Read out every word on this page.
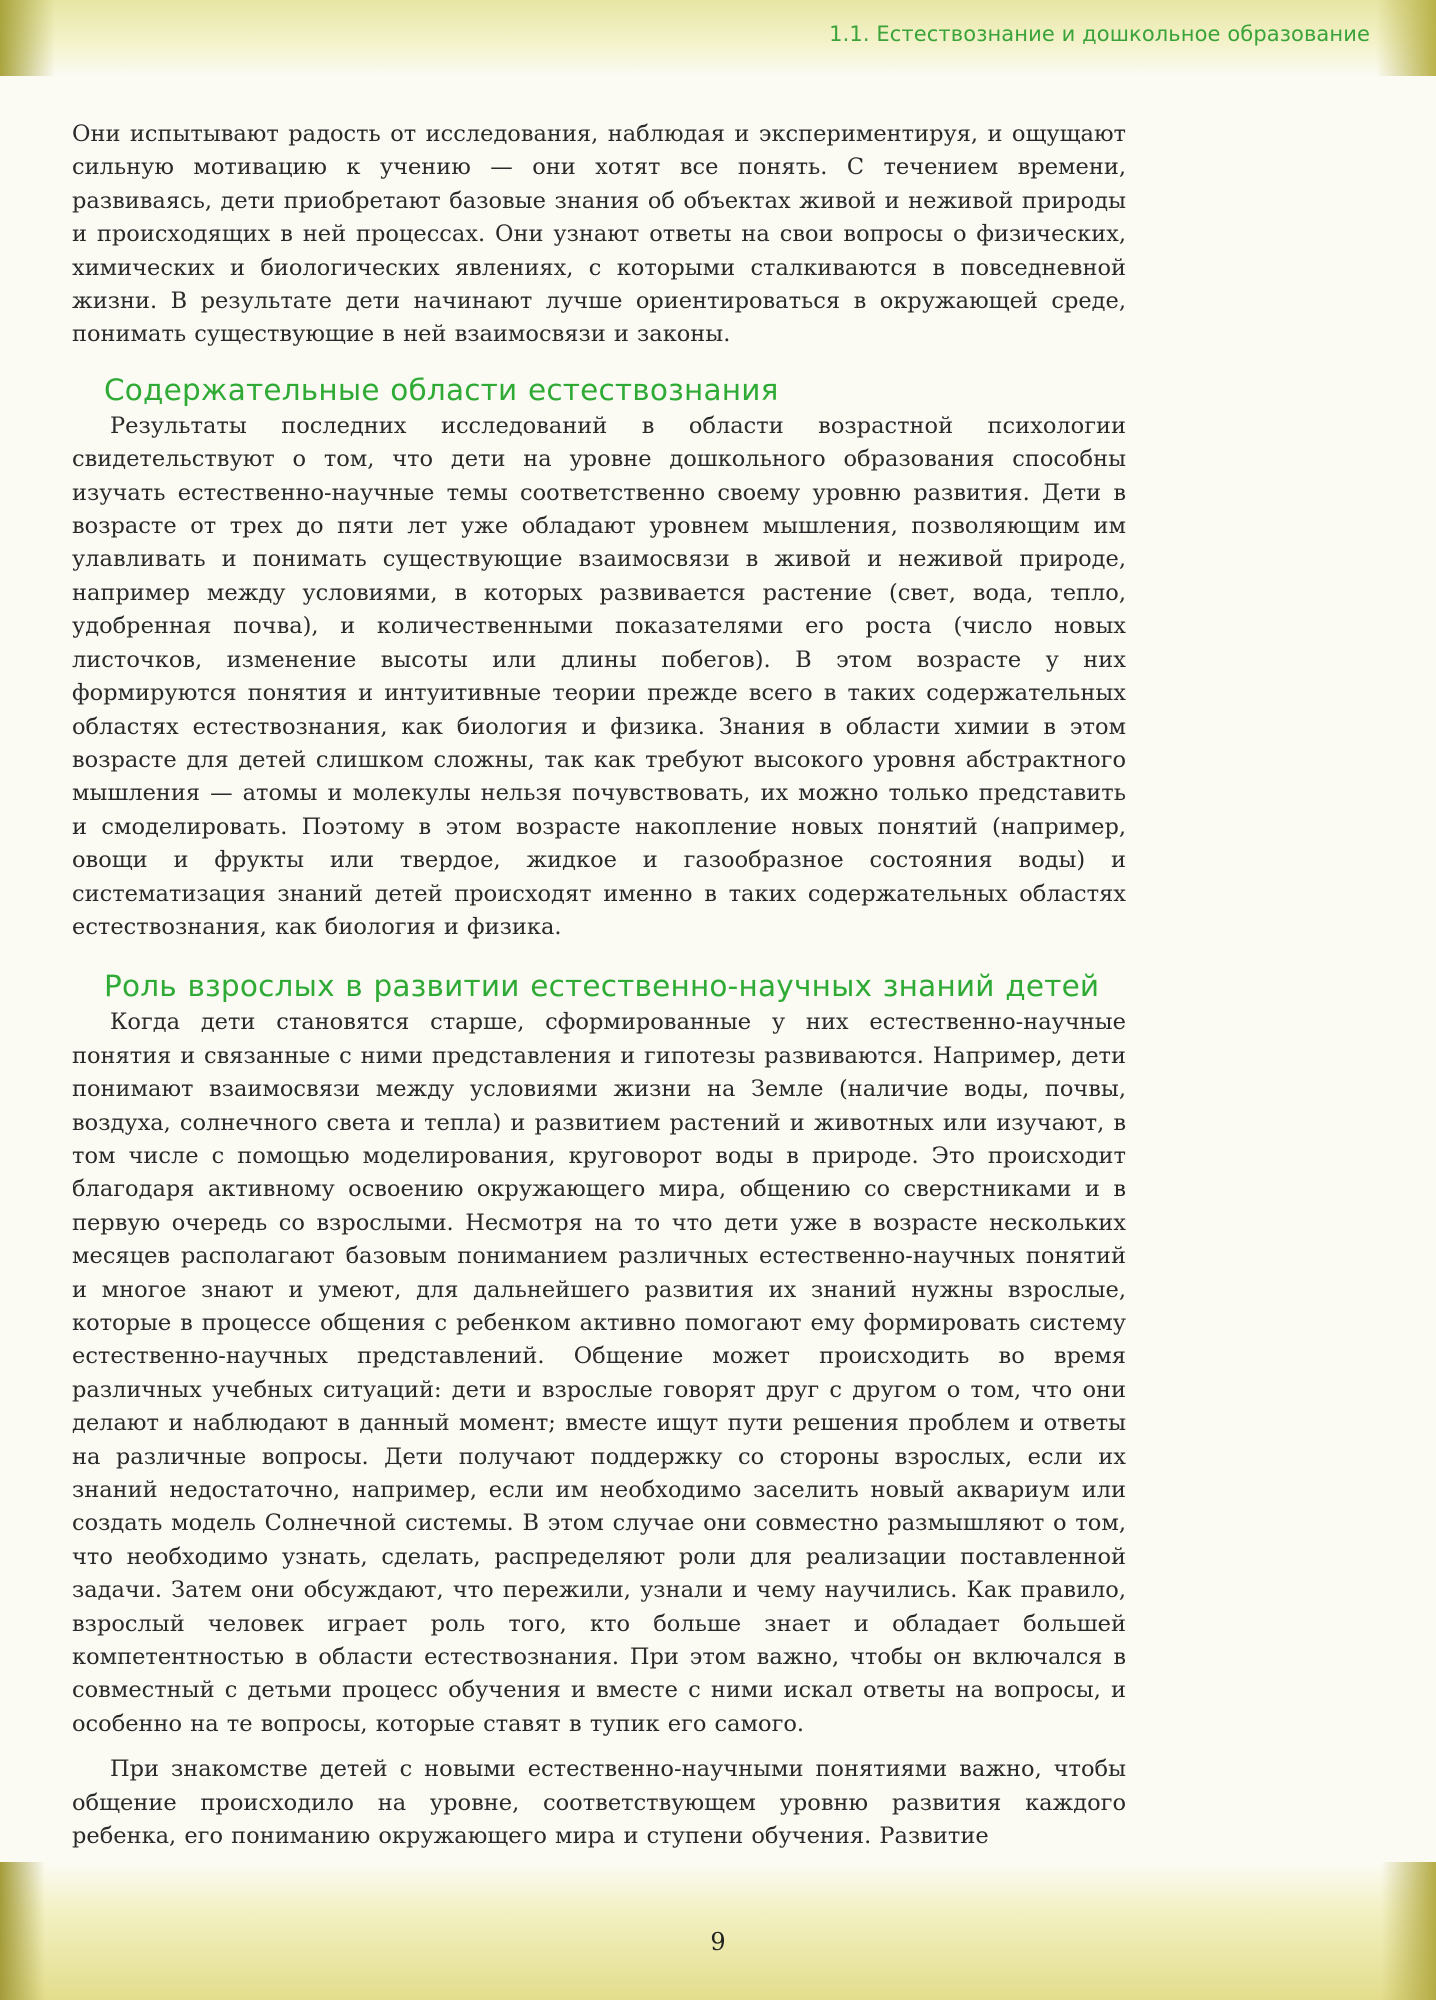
1.1. Естествознание и дошкольное образование

Они испытывают радость от исследования, наблюдая и экспериментируя, и ощущают сильную мотивацию к учению — они хотят все понять. С течением времени, развиваясь, дети приобретают базовые знания об объектах живой и неживой природы и происходящих в ней процессах. Они узнают ответы на свои вопросы о физических, химических и биологических явлениях, с которыми сталкиваются в повседневной жизни. В результате дети начинают лучше ориентироваться в окружающей среде, понимать существующие в ней взаимосвязи и законы.

Содержательные области естествознания

Результаты последних исследований в области возрастной психологии свидетельствуют о том, что дети на уровне дошкольного образования способны изучать естественно-научные темы соответственно своему уровню развития. Дети в возрасте от трех до пяти лет уже обладают уровнем мышления, позволяющим им улавливать и понимать существующие взаимосвязи в живой и неживой природе, например между условиями, в которых развивается растение (свет, вода, тепло, удобренная почва), и количественными показателями его роста (число новых листочков, изменение высоты или длины побегов). В этом возрасте у них формируются понятия и интуитивные теории прежде всего в таких содержательных областях естествознания, как биология и физика. Знания в области химии в этом возрасте для детей слишком сложны, так как требуют высокого уровня абстрактного мышления — атомы и молекулы нельзя почувствовать, их можно только представить и смоделировать. Поэтому в этом возрасте накопление новых понятий (например, овощи и фрукты или твердое, жидкое и газообразное состояния воды) и систематизация знаний детей происходят именно в таких содержательных областях естествознания, как биология и физика.

Роль взрослых в развитии естественно-научных знаний детей

Когда дети становятся старше, сформированные у них естественно-научные понятия и связанные с ними представления и гипотезы развиваются. Например, дети понимают взаимосвязи между условиями жизни на Земле (наличие воды, почвы, воздуха, солнечного света и тепла) и развитием растений и животных или изучают, в том числе с помощью моделирования, круговорот воды в природе. Это происходит благодаря активному освоению окружающего мира, общению со сверстниками и в первую очередь со взрослыми. Несмотря на то что дети уже в возрасте нескольких месяцев располагают базовым пониманием различных естественно-научных понятий и многое знают и умеют, для дальнейшего развития их знаний нужны взрослые, которые в процессе общения с ребенком активно помогают ему формировать систему естественно-научных представлений. Общение может происходить во время различных учебных ситуаций: дети и взрослые говорят друг с другом о том, что они делают и наблюдают в данный момент; вместе ищут пути решения проблем и ответы на различные вопросы. Дети получают поддержку со стороны взрослых, если их знаний недостаточно, например, если им необходимо заселить новый аквариум или создать модель Солнечной системы. В этом случае они совместно размышляют о том, что необходимо узнать, сделать, распределяют роли для реализации поставленной задачи. Затем они обсуждают, что пережили, узнали и чему научились. Как правило, взрослый человек играет роль того, кто больше знает и обладает большей компетентностью в области естествознания. При этом важно, чтобы он включался в совместный с детьми процесс обучения и вместе с ними искал ответы на вопросы, и особенно на те вопросы, которые ставят в тупик его самого.

При знакомстве детей с новыми естественно-научными понятиями важно, чтобы общение происходило на уровне, соответствующем уровню развития каждого ребенка, его пониманию окружающего мира и ступени обучения. Развитие

9
